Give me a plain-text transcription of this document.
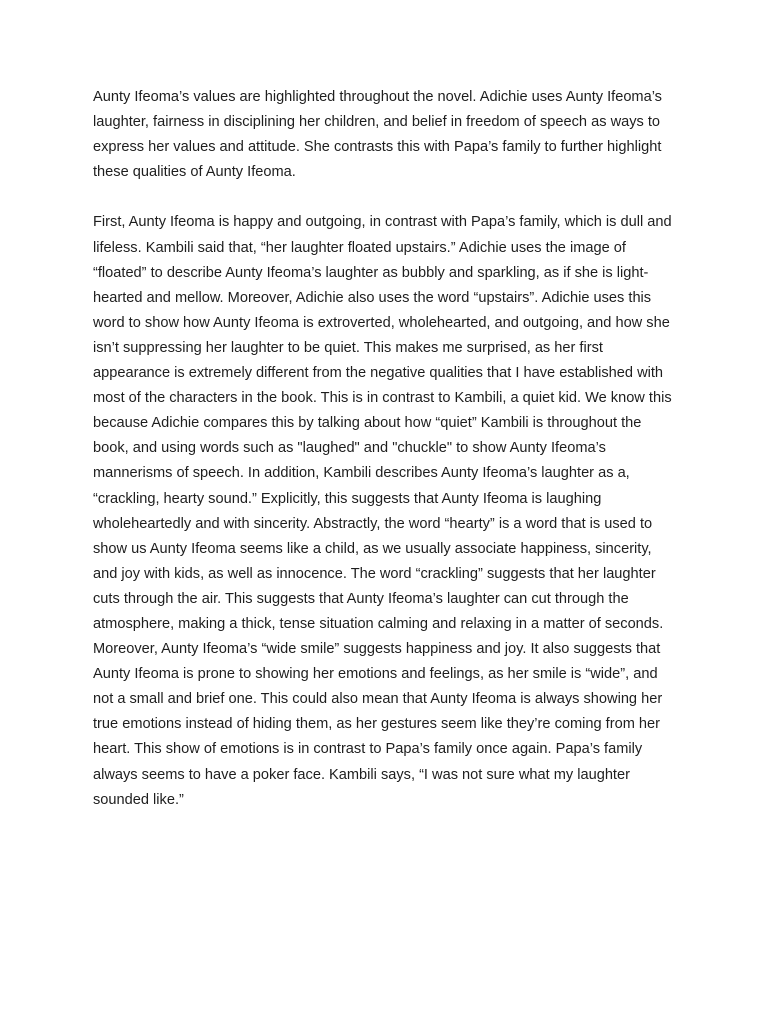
Aunty Ifeoma’s values are highlighted throughout the novel. Adichie uses Aunty Ifeoma’s laughter, fairness in disciplining her children, and belief in freedom of speech as ways to express her values and attitude. She contrasts this with Papa’s family to further highlight these qualities of Aunty Ifeoma.

First, Aunty Ifeoma is happy and outgoing, in contrast with Papa’s family, which is dull and lifeless. Kambili said that, “her laughter floated upstairs.” Adichie uses the image of “floated” to describe Aunty Ifeoma’s laughter as bubbly and sparkling, as if she is light-hearted and mellow. Moreover, Adichie also uses the word “upstairs”. Adichie uses this word to show how Aunty Ifeoma is extroverted, wholehearted, and outgoing, and how she isn’t suppressing her laughter to be quiet. This makes me surprised, as her first appearance is extremely different from the negative qualities that I have established with most of the characters in the book. This is in contrast to Kambili, a quiet kid. We know this because Adichie compares this by talking about how “quiet” Kambili is throughout the book, and using words such as "laughed" and "chuckle" to show Aunty Ifeoma’s mannerisms of speech. In addition, Kambili describes Aunty Ifeoma’s laughter as a, “crackling, hearty sound.” Explicitly, this suggests that Aunty Ifeoma is laughing wholeheartedly and with sincerity. Abstractly, the word “hearty” is a word that is used to show us Aunty Ifeoma seems like a child, as we usually associate happiness, sincerity, and joy with kids, as well as innocence. The word “crackling” suggests that her laughter cuts through the air. This suggests that Aunty Ifeoma’s laughter can cut through the atmosphere, making a thick, tense situation calming and relaxing in a matter of seconds. Moreover, Aunty Ifeoma’s “wide smile” suggests happiness and joy. It also suggests that Aunty Ifeoma is prone to showing her emotions and feelings, as her smile is “wide”, and not a small and brief one. This could also mean that Aunty Ifeoma is always showing her true emotions instead of hiding them, as her gestures seem like they’re coming from her heart. This show of emotions is in contrast to Papa’s family once again. Papa’s family always seems to have a poker face. Kambili says, “I was not sure what my laughter sounded like.”
